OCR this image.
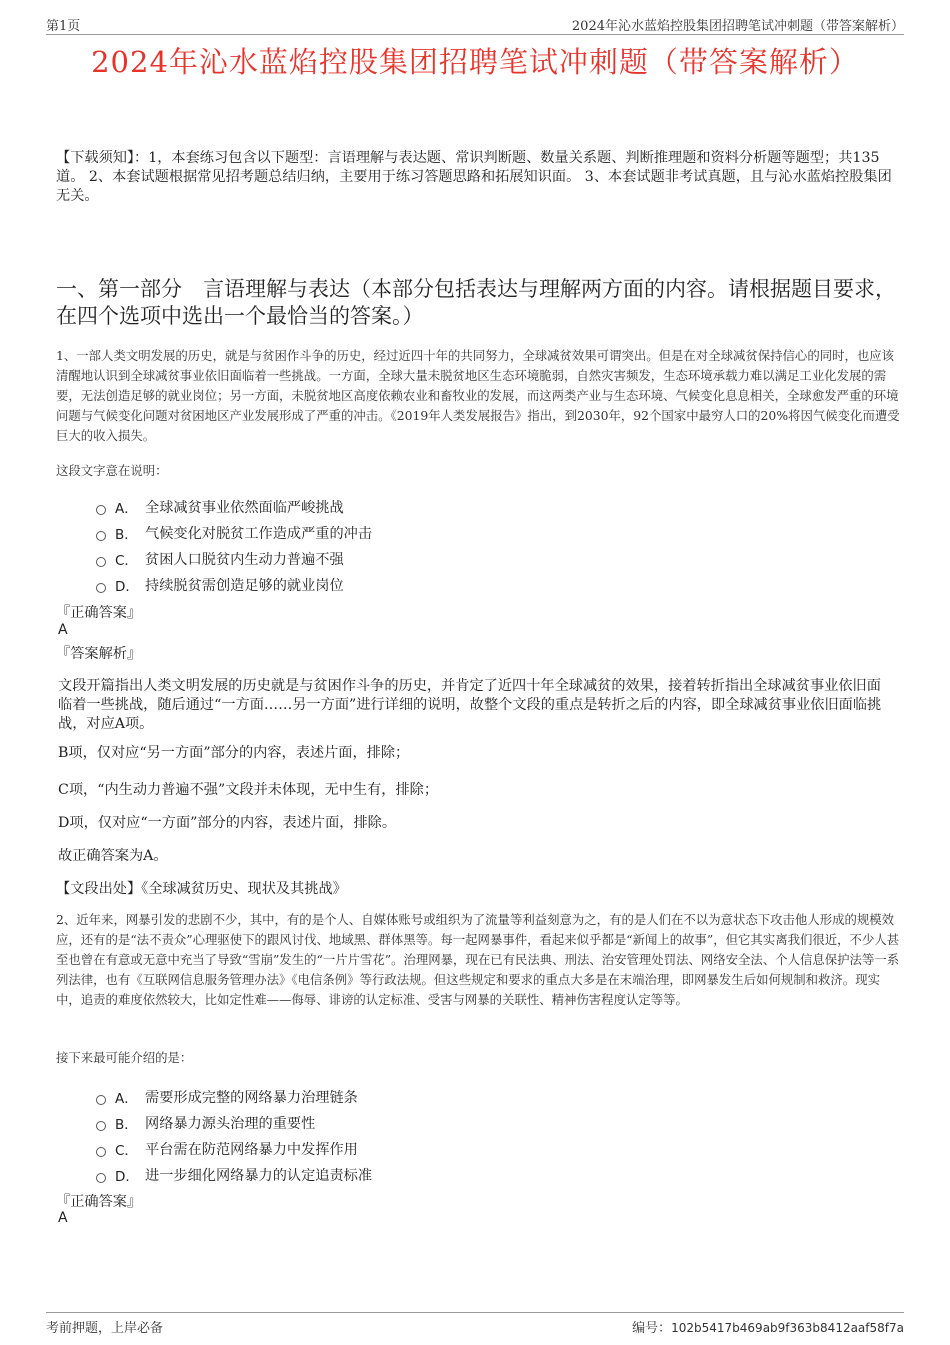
第1页	2024年沁水蓝焰控股集团招聘笔试冲刺题（带答案解析）
2024年沁水蓝焰控股集团招聘笔试冲刺题（带答案解析）
【下载须知】：1，本套练习包含以下题型：言语理解与表达题、常识判断题、数量关系题、判断推理题和资料分析题等题型；共135道。 2、本套试题根据常见招考题总结归纳，主要用于练习答题思路和拓展知识面。 3、本套试题非考试真题，且与沁水蓝焰控股集团无关。
一、第一部分　言语理解与表达（本部分包括表达与理解两方面的内容。请根据题目要求，在四个选项中选出一个最恰当的答案。）
1、一部人类文明发展的历史，就是与贫困作斗争的历史，经过近四十年的共同努力，全球减贫效果可谓突出。但是在对全球减贫保持信心的同时，也应该清醒地认识到全球减贫事业依旧面临着一些挑战。一方面，全球大量未脱贫地区生态环境脆弱，自然灾害频发，生态环境承载力难以满足工业化发展的需要，无法创造足够的就业岗位；另一方面，未脱贫地区高度依赖农业和畜牧业的发展，而这两类产业与生态环境、气候变化息息相关，全球愈发严重的环境问题与气候变化问题对贫困地区产业发展形成了严重的冲击。《2019年人类发展报告》指出，到2030年，92个国家中最穷人口的20%将因气候变化而遭受巨大的收入损失。
这段文字意在说明：
A． 全球减贫事业依然面临严峻挑战
B． 气候变化对脱贫工作造成严重的冲击
C． 贫困人口脱贫内生动力普遍不强
D． 持续脱贫需创造足够的就业岗位
『正确答案』
A
『答案解析』
文段开篇指出人类文明发展的历史就是与贫困作斗争的历史，并肯定了近四十年全球减贫的效果，接着转折指出全球减贫事业依旧面临着一些挑战，随后通过“一方面……另一方面”进行详细的说明，故整个文段的重点是转折之后的内容，即全球减贫事业依旧面临挑战，对应A项。
B项，仅对应“另一方面”部分的内容，表述片面，排除；
C项，“内生动力普遍不强”文段并未体现，无中生有，排除；
D项，仅对应“一方面”部分的内容，表述片面，排除。
故正确答案为A。
【文段出处】《全球减贫历史、现状及其挑战》
2、近年来，网暴引发的悲剧不少，其中，有的是个人、自媒体账号或组织为了流量等利益刻意为之，有的是人们在不以为意状态下攻击他人形成的规模效应，还有的是“法不责众”心理驱使下的跟风讨伐、地域黑、群体黑等。每一起网暴事件，看起来似乎都是“新闻上的故事”，但它其实离我们很近，不少人甚至也曾在有意或无意中充当了导致“雪崩”发生的“一片片雪花”。治理网暴，现在已有民法典、刑法、治安管理处罚法、网络安全法、个人信息保护法等一系列法律，也有《互联网信息服务管理办法》《电信条例》等行政法规。但这些规定和要求的重点大多是在末端治理，即网暴发生后如何规制和救济。现实中，追责的难度依然较大，比如定性难——侮辱、诽谤的认定标准、受害与网暴的关联性、精神伤害程度认定等等。
接下来最可能介绍的是：
A． 需要形成完整的网络暴力治理链条
B． 网络暴力源头治理的重要性
C． 平台需在防范网络暴力中发挥作用
D． 进一步细化网络暴力的认定追责标准
『正确答案』
A
考前押题，上岸必备	编号：102b5417b469ab9f363b8412aaf58f7a
